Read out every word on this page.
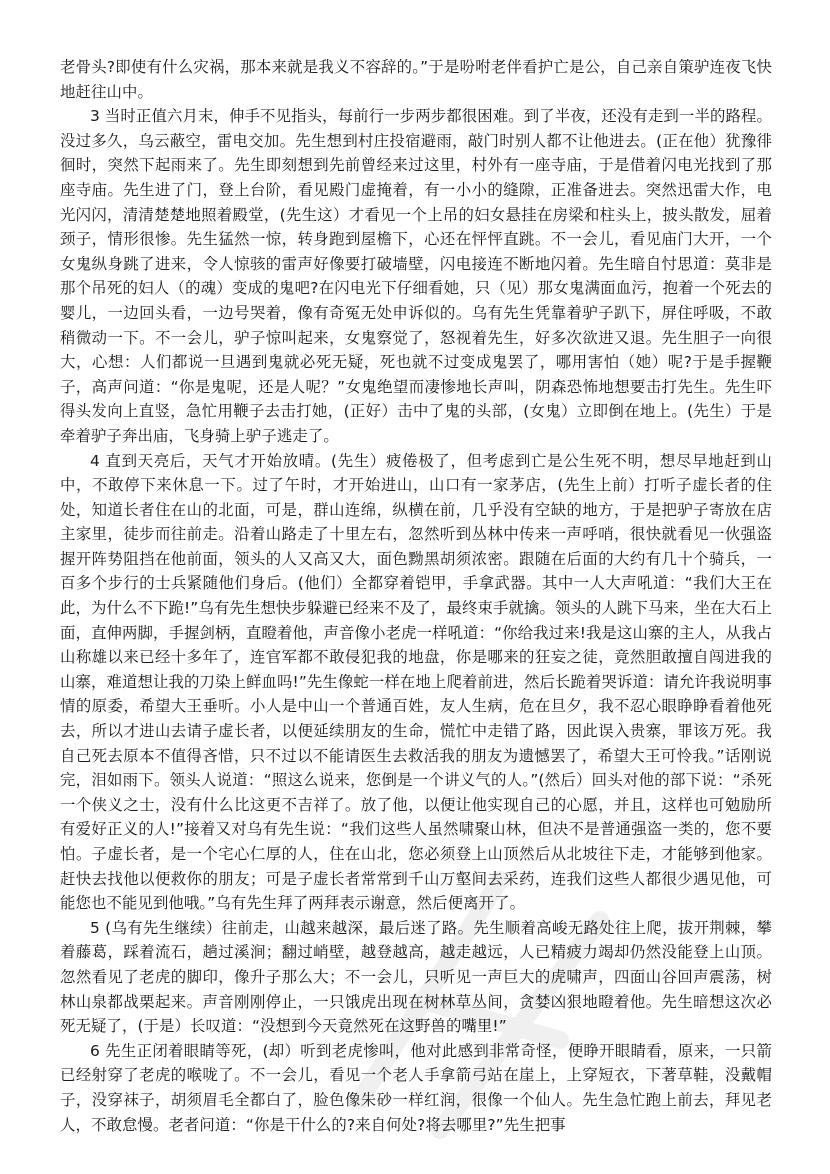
老骨头?即使有什么灾祸，那本来就是我义不容辞的。”于是吩咐老伴看护亡是公，自己亲自策驴连夜飞快地赶往山中。

3 当时正值六月末，伸手不见指头，每前行一步两步都很困难。到了半夜，还没有走到一半的路程。没过多久，乌云蔽空，雷电交加。先生想到村庄投宿避雨，敲门时别人都不让他进去。(正在他）犹豫徘徊时，突然下起雨来了。先生即刻想到先前曾经来过这里，村外有一座寺庙，于是借着闪电光找到了那座寺庙。先生进了门，登上台阶，看见殿门虚掩着，有一小小的缝隙，正准备进去。突然迅雷大作，电光闪闪，清清楚楚地照着殿堂，(先生这）才看见一个上吊的妇女悬挂在房梁和柱头上，披头散发，屈着颈子，情形很惨。先生猛然一惊，转身跑到屋檐下，心还在怦怦直跳。不一会儿，看见庙门大开，一个女鬼纵身跳了进来，令人惊骇的雷声好像要打破墙壁，闪电接连不断地闪着。先生暗自忖思道：莫非是那个吊死的妇人（的魂）变成的鬼吧?在闪电光下仔细看她，只（见）那女鬼满面血污，抱着一个死去的婴儿，一边回头看，一边号哭着，像有奇冤无处申诉似的。乌有先生凭靠着驴子趴下，屏住呼吸，不敢稍微动一下。不一会儿，驴子惊叫起来，女鬼察觉了，怒视着先生，好多次欲进又退。先生胆子一向很大，心想：人们都说一旦遇到鬼就必死无疑，死也就不过变成鬼罢了，哪用害怕（她）呢?于是手握鞭子，高声问道：“你是鬼呢，还是人呢？”女鬼绝望而凄惨地长声叫，阴森恐怖地想要击打先生。先生吓得头发向上直竖，急忙用鞭子去击打她，(正好）击中了鬼的头部，(女鬼）立即倒在地上。(先生）于是牵着驴子奔出庙，飞身骑上驴子逃走了。

4 直到天亮后，天气才开始放晴。(先生）疲倦极了，但考虑到亡是公生死不明，想尽早地赶到山中，不敢停下来休息一下。过了午时，才开始进山，山口有一家茅店，(先生上前）打听子虚长者的住处，知道长者住在山的北面，可是，群山连绵，纵横在前，几乎没有空缺的地方，于是把驴子寄放在店主家里，徒步而往前走。沿着山路走了十里左右，忽然听到丛林中传来一声呼哨，很快就看见一伙强盗握开阵势阻挡在他前面，领头的人又高又大，面色黝黑胡须浓密。跟随在后面的大约有几十个骑兵，一百多个步行的士兵紧随他们身后。(他们）全都穿着铠甲，手拿武器。其中一人大声吼道：“我们大王在此，为什么不下跪!”乌有先生想快步躲避已经来不及了，最终束手就擒。领头的人跳下马来，坐在大石上面，直伸两脚，手握剑柄，直瞪着他，声音像小老虎一样吼道：“你给我过来!我是这山寨的主人，从我占山称雄以来已经十多年了，连官军都不敢侵犯我的地盘，你是哪来的狂妄之徒，竟然胆敢擅自闯进我的山寨，难道想让我的刀染上鲜血吗!”先生像蛇一样在地上爬着前进，然后长跪着哭诉道：请允许我说明事情的原委，希望大王垂听。小人是中山一个普通百姓，友人生病，危在旦夕，我不忍心眼睁睁看着他死去，所以才进山去请子虚长者，以便延续朋友的生命，慌忙中走错了路，因此误入贵寨，罪该万死。我自己死去原本不值得吝惜，只不过以不能请医生去救活我的朋友为遗憾罢了，希望大王可怜我。”话刚说完，泪如雨下。领头人说道：“照这么说来，您倒是一个讲义气的人。”(然后）回头对他的部下说：“杀死一个侠义之士，没有什么比这更不吉祥了。放了他，以便让他实现自己的心愿，并且，这样也可勉励所有爱好正义的人!”接着又对乌有先生说：“我们这些人虽然啸聚山林，但决不是普通强盗一类的，您不要怕。子虚长者，是一个宅心仁厚的人，住在山北，您必须登上山顶然后从北坡往下走，才能够到他家。赶快去找他以便救你的朋友；可是子虚长者常常到千山万壑间去采药，连我们这些人都很少遇见他，可能您也不能见到他哦。”乌有先生拜了两拜表示谢意，然后便离开了。

5 (乌有先生继续）往前走，山越来越深，最后迷了路。先生顺着高峻无路处往上爬，拔开荆棘，攀着藤葛，踩着流石，趟过溪涧；翻过峭壁，越登越高，越走越远，人已精疲力竭却仍然没能登上山顶。忽然看见了老虎的脚印，像升子那么大；不一会儿，只听见一声巨大的虎啸声，四面山谷回声震荡，树林山泉都战栗起来。声音刚刚停止，一只饿虎出现在树林草丛间，贪婪凶狠地瞪着他。先生暗想这次必死无疑了，(于是）长叹道：“没想到今天竟然死在这野兽的嘴里!”

6 先生正闭着眼睛等死，(却）听到老虎惨叫，他对此感到非常奇怪，便睁开眼睛看，原来，一只箭已经射穿了老虎的喉咙了。不一会儿，看见一个老人手拿箭弓站在崖上，上穿短衣，下著草鞋，没戴帽子，没穿袜子，胡须眉毛全都白了，脸色像朱砂一样红润，很像一个仙人。先生急忙跑上前去，拜见老人，不敢怠慢。老者问道：“你是干什么的?来自何处?将去哪里?”先生把事
